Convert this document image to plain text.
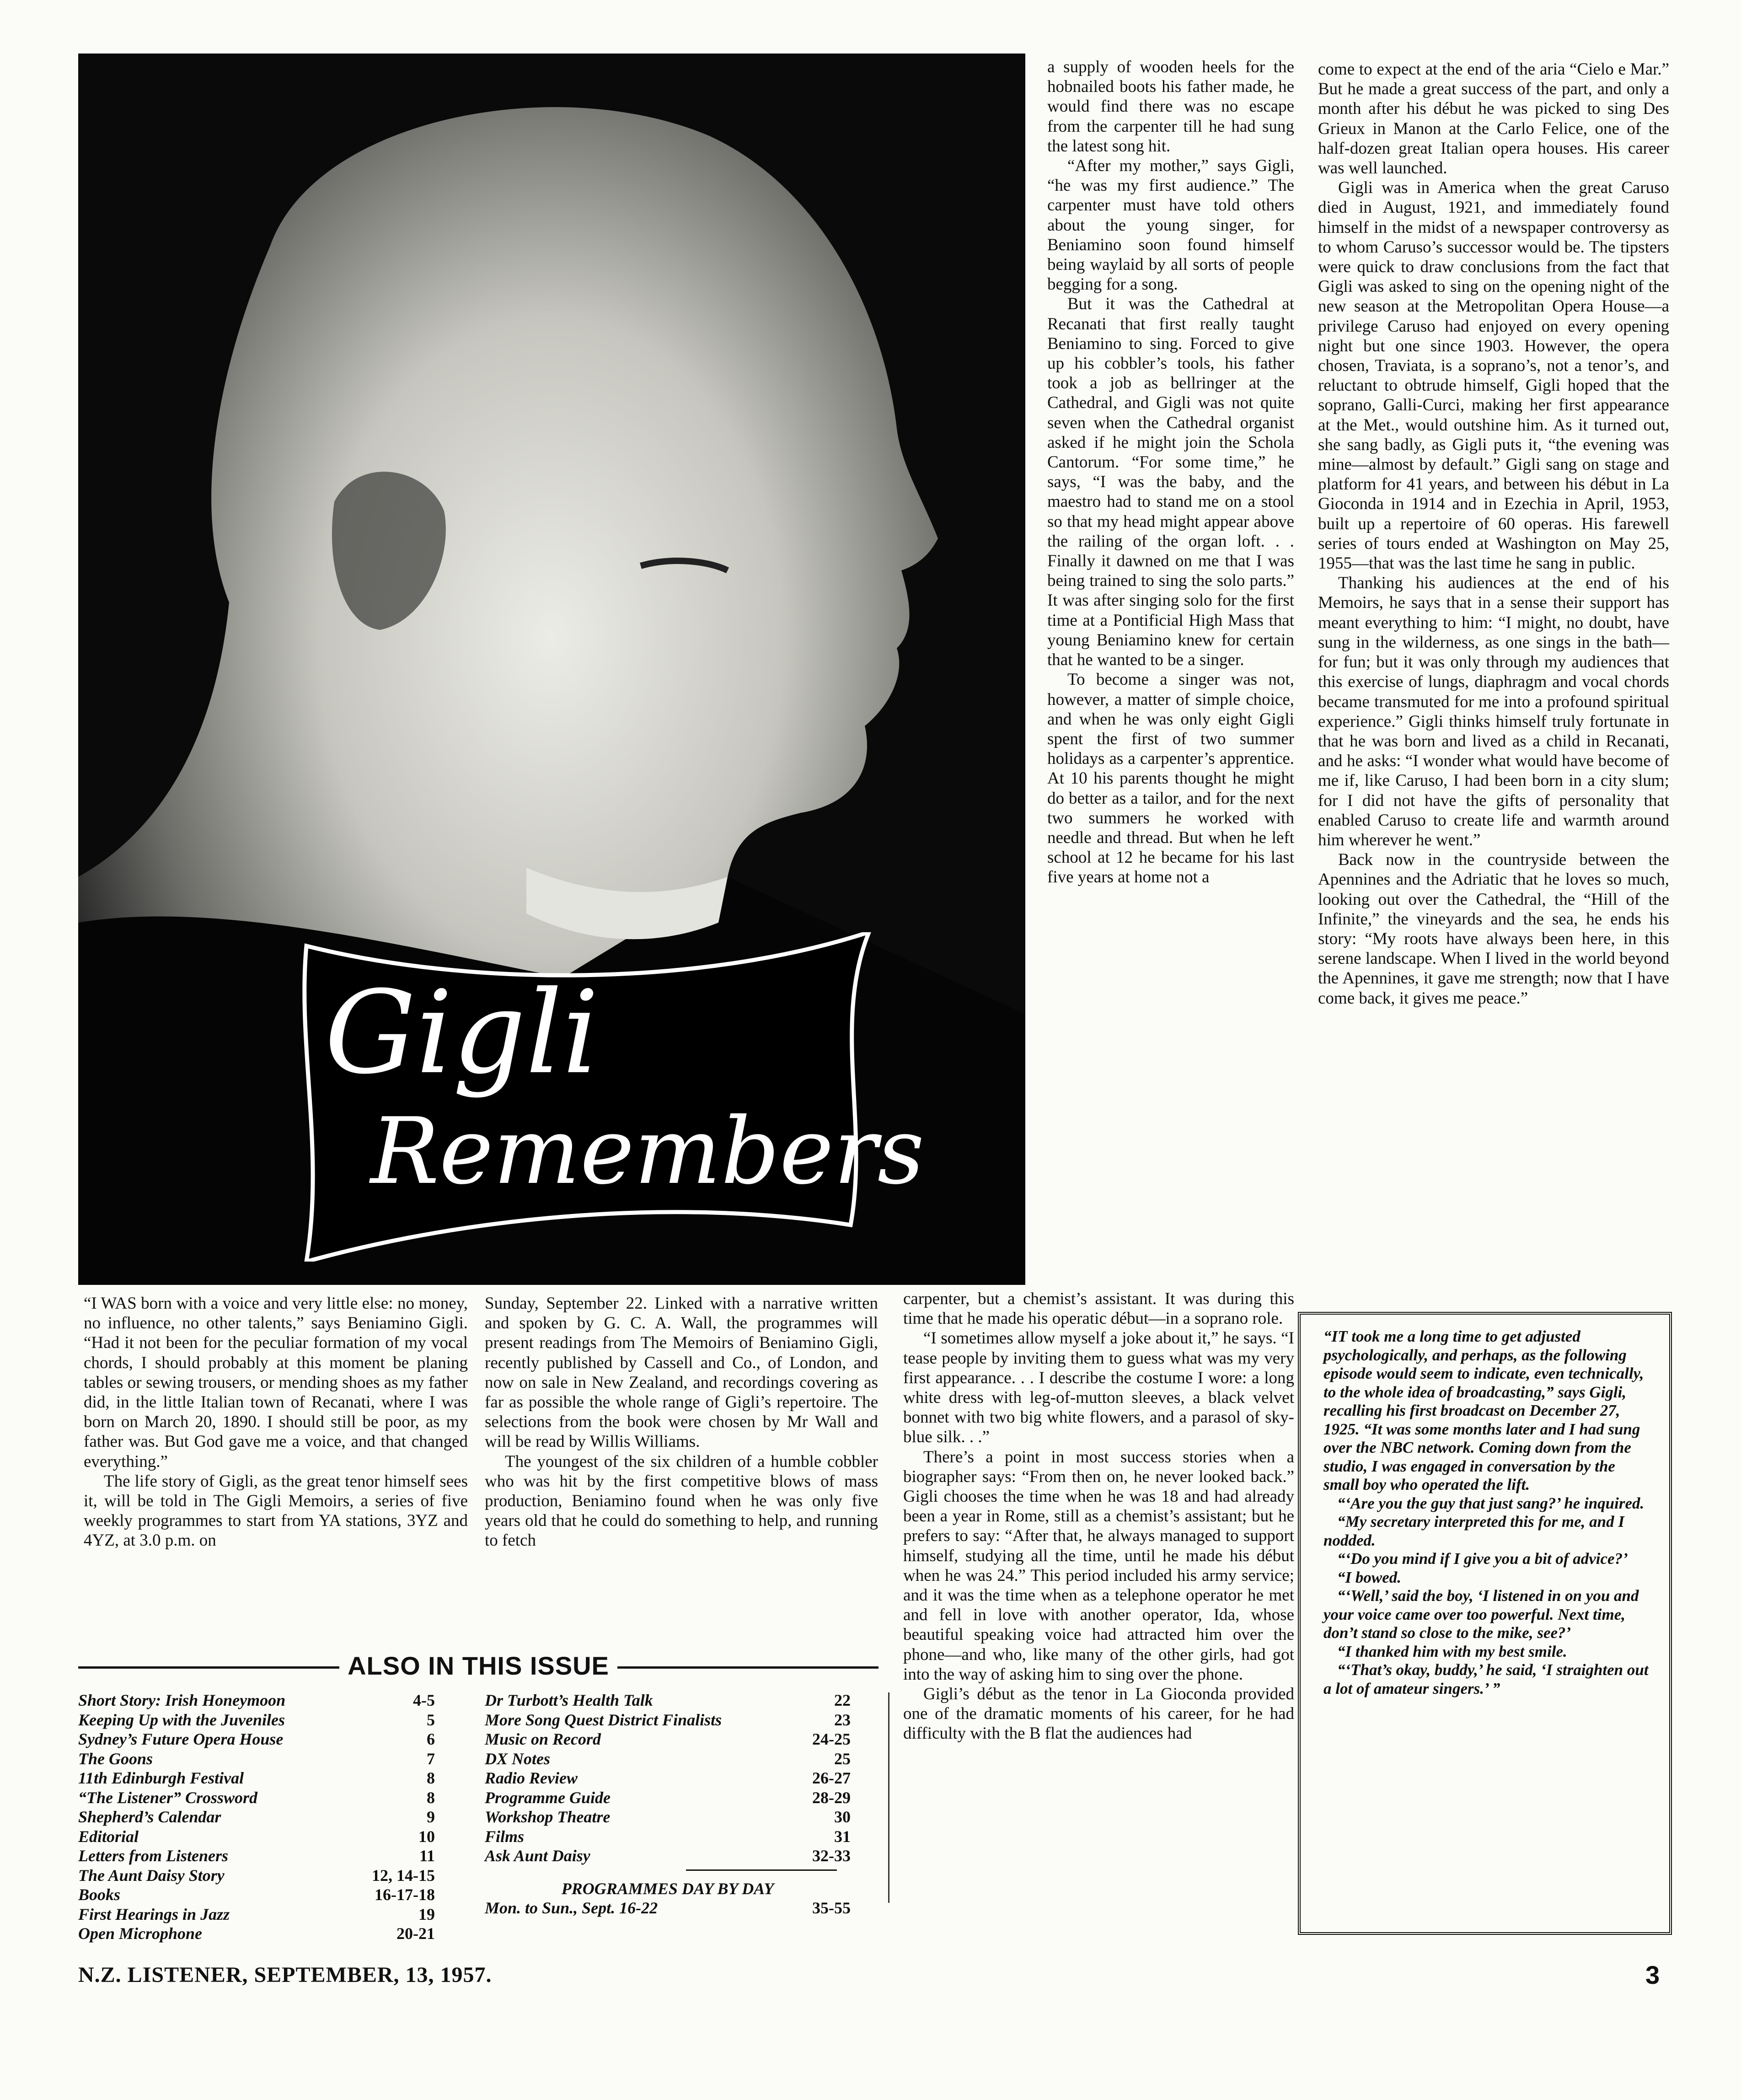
Gigli
Remembers

a supply of wooden heels for the hobnailed boots his father made, he would find there was no escape from the carpenter till he had sung the latest song hit.

“After my mother,” says Gigli, “he was my first audience.” The carpenter must have told others about the young singer, for Beniamino soon found himself being waylaid by all sorts of people begging for a song.

But it was the Cathedral at Recanati that first really taught Beniamino to sing. Forced to give up his cobbler’s tools, his father took a job as bellringer at the Cathedral, and Gigli was not quite seven when the Cathedral organist asked if he might join the Schola Cantorum. “For some time,” he says, “I was the baby, and the maestro had to stand me on a stool so that my head might appear above the railing of the organ loft. . . Finally it dawned on me that I was being trained to sing the solo parts.” It was after singing solo for the first time at a Pontificial High Mass that young Beniamino knew for certain that he wanted to be a singer.

To become a singer was not, however, a matter of simple choice, and when he was only eight Gigli spent the first of two summer holidays as a carpenter’s apprentice. At 10 his parents thought he might do better as a tailor, and for the next two summers he worked with needle and thread. But when he left school at 12 he became for his last five years at home not a

carpenter, but a chemist’s assistant. It was during this time that he made his operatic début—in a soprano role.

“I sometimes allow myself a joke about it,” he says. “I tease people by inviting them to guess what was my very first appearance. . . I describe the costume I wore: a long white dress with leg-of-mutton sleeves, a black velvet bonnet with two big white flowers, and a parasol of sky-blue silk. . .”

There’s a point in most success stories when a biographer says: “From then on, he never looked back.” Gigli chooses the time when he was 18 and had already been a year in Rome, still as a chemist’s assistant; but he prefers to say: “After that, he always managed to support himself, studying all the time, until he made his début when he was 24.” This period included his army service; and it was the time when as a telephone operator he met and fell in love with another operator, Ida, whose beautiful speaking voice had attracted him over the phone—and who, like many of the other girls, had got into the way of asking him to sing over the phone.

Gigli’s début as the tenor in La Gioconda provided one of the dramatic moments of his career, for he had difficulty with the B flat the audiences had

come to expect at the end of the aria “Cielo e Mar.” But he made a great success of the part, and only a month after his début he was picked to sing Des Grieux in Manon at the Carlo Felice, one of the half-dozen great Italian opera houses. His career was well launched.

Gigli was in America when the great Caruso died in August, 1921, and immediately found himself in the midst of a newspaper controversy as to whom Caruso’s successor would be. The tipsters were quick to draw conclusions from the fact that Gigli was asked to sing on the opening night of the new season at the Metropolitan Opera House—a privilege Caruso had enjoyed on every opening night but one since 1903. However, the opera chosen, Traviata, is a soprano’s, not a tenor’s, and reluctant to obtrude himself, Gigli hoped that the soprano, Galli-Curci, making her first appearance at the Met., would outshine him. As it turned out, she sang badly, as Gigli puts it, “the evening was mine—almost by default.” Gigli sang on stage and platform for 41 years, and between his début in La Gioconda in 1914 and in Ezechia in April, 1953, built up a repertoire of 60 operas. His farewell series of tours ended at Washington on May 25, 1955—that was the last time he sang in public.

Thanking his audiences at the end of his Memoirs, he says that in a sense their support has meant everything to him: “I might, no doubt, have sung in the wilderness, as one sings in the bath—for fun; but it was only through my audiences that this exercise of lungs, diaphragm and vocal chords became transmuted for me into a profound spiritual experience.” Gigli thinks himself truly fortunate in that he was born and lived as a child in Recanati, and he asks: “I wonder what would have become of me if, like Caruso, I had been born in a city slum; for I did not have the gifts of personality that enabled Caruso to create life and warmth around him wherever he went.”

Back now in the countryside between the Apennines and the Adriatic that he loves so much, looking out over the Cathedral, the “Hill of the Infinite,” the vineyards and the sea, he ends his story: “My roots have always been here, in this serene landscape. When I lived in the world beyond the Apennines, it gave me strength; now that I have come back, it gives me peace.”

“I WAS born with a voice and very little else: no money, no influence, no other talents,” says Beniamino Gigli. “Had it not been for the peculiar formation of my vocal chords, I should probably at this moment be planing tables or sewing trousers, or mending shoes as my father did, in the little Italian town of Recanati, where I was born on March 20, 1890. I should still be poor, as my father was. But God gave me a voice, and that changed everything.”

The life story of Gigli, as the great tenor himself sees it, will be told in The Gigli Memoirs, a series of five weekly programmes to start from YA stations, 3YZ and 4YZ, at 3.0 p.m. on

Sunday, September 22. Linked with a narrative written and spoken by G. C. A. Wall, the programmes will present readings from The Memoirs of Beniamino Gigli, recently published by Cassell and Co., of London, and now on sale in New Zealand, and recordings covering as far as possible the whole range of Gigli’s repertoire. The selections from the book were chosen by Mr Wall and will be read by Willis Williams.

The youngest of the six children of a humble cobbler who was hit by the first competitive blows of mass production, Beniamino found when he was only five years old that he could do something to help, and running to fetch

ALSO IN THIS ISSUE
Short Story: Irish Honeymoon	4-5
Keeping Up with the Juveniles	5
Sydney’s Future Opera House	6
The Goons	7
11th Edinburgh Festival	8
“The Listener” Crossword	8
Shepherd’s Calendar	9
Editorial	10
Letters from Listeners	11
The Aunt Daisy Story	12, 14-15
Books	16-17-18
First Hearings in Jazz	19
Open Microphone	20-21
Dr Turbott’s Health Talk	22
More Song Quest District Finalists	23
Music on Record	24-25
DX Notes	25
Radio Review	26-27
Programme Guide	28-29
Workshop Theatre	30
Films	31
Ask Aunt Daisy	32-33
PROGRAMMES DAY BY DAY
Mon. to Sun., Sept. 16-22	35-55

“IT took me a long time to get adjusted psychologically, and perhaps, as the following episode would seem to indicate, even technically, to the whole idea of broadcasting,” says Gigli, recalling his first broadcast on December 27, 1925. “It was some months later and I had sung over the NBC network. Coming down from the studio, I was engaged in conversation by the small boy who operated the lift.

“‘Are you the guy that just sang?’ he inquired.

“My secretary interpreted this for me, and I nodded.

“‘Do you mind if I give you a bit of advice?’

“I bowed.

“‘Well,’ said the boy, ‘I listened in on you and your voice came over too powerful. Next time, don’t stand so close to the mike, see?’

“I thanked him with my best smile.

“‘That’s okay, buddy,’ he said, ‘I straighten out a lot of amateur singers.’ ”

N.Z. LISTENER, SEPTEMBER, 13, 1957.	3
